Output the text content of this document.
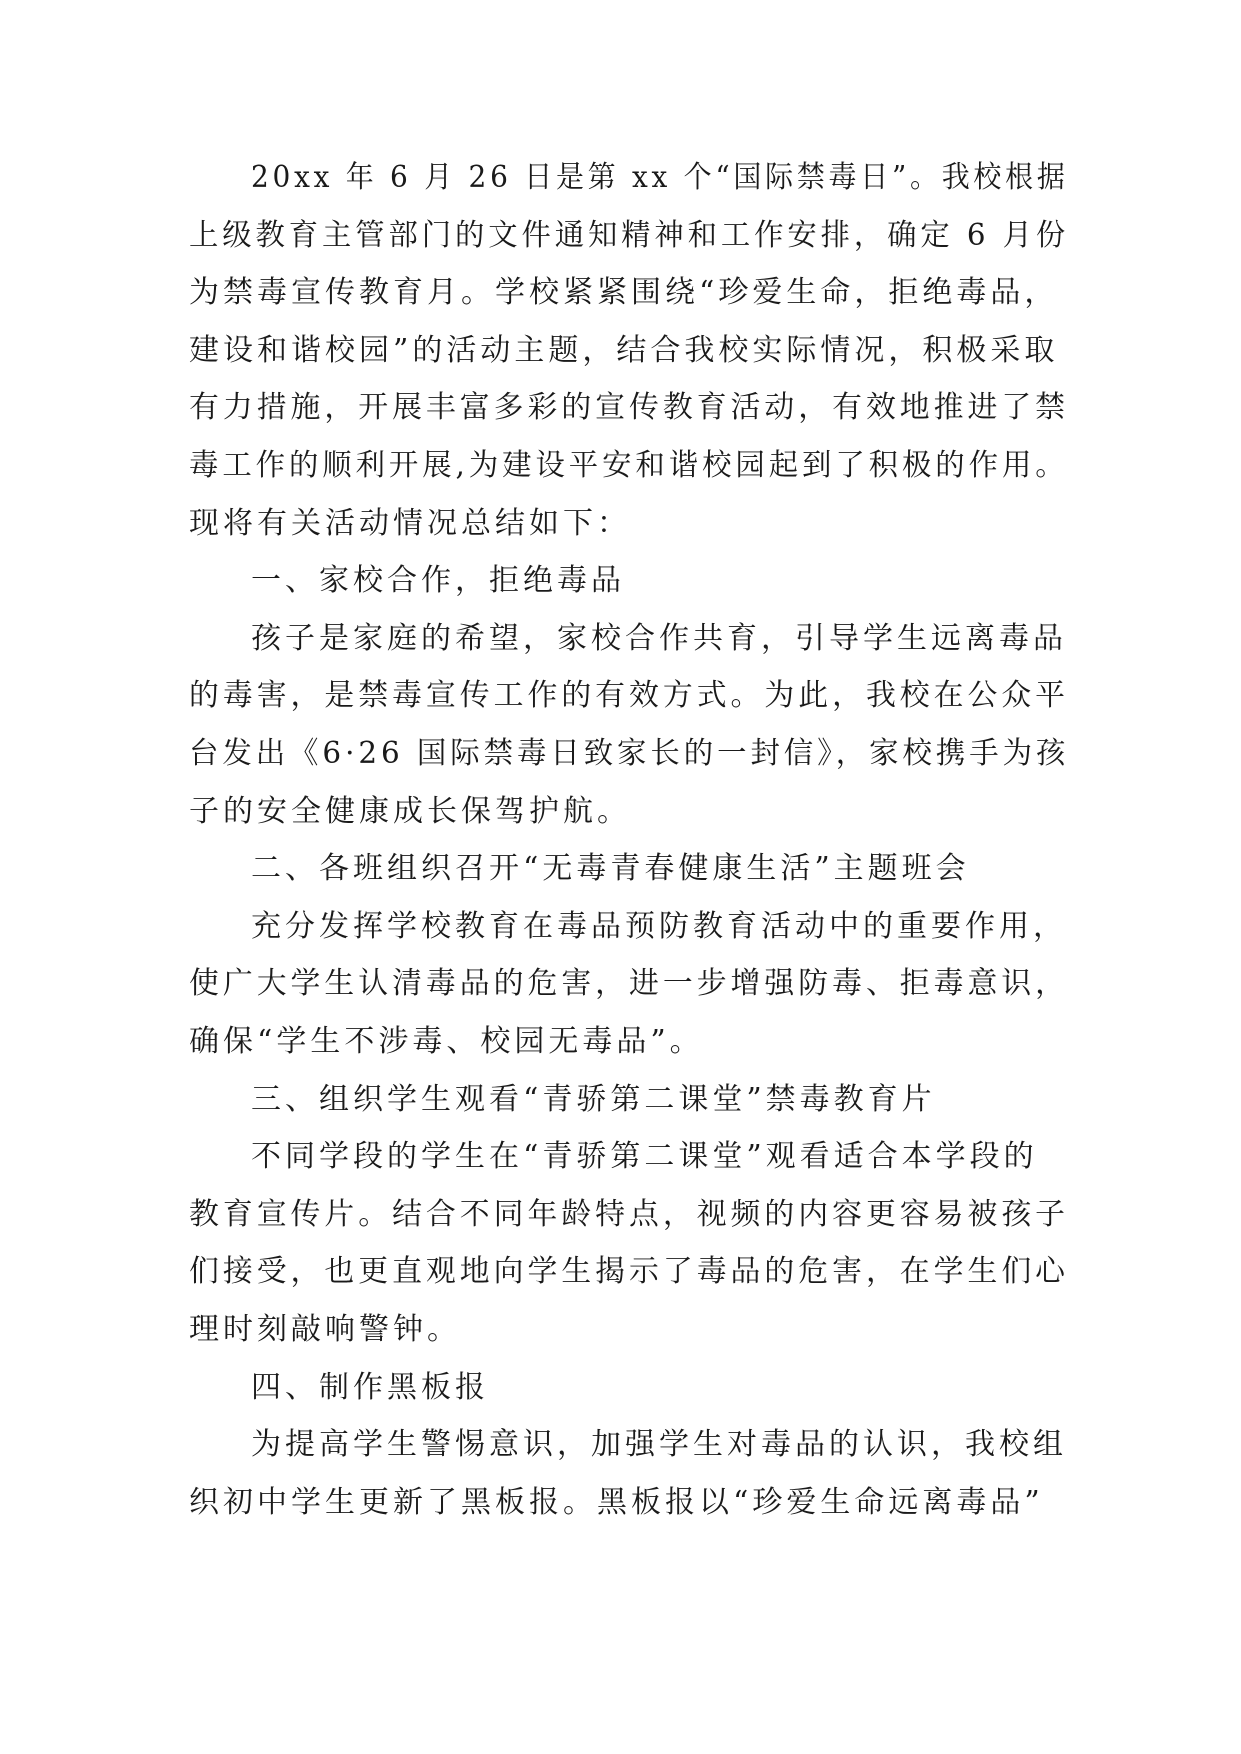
20xx 年 6 月 26 日是第 xx 个“国际禁毒日”。我校根据
上级教育主管部门的文件通知精神和工作安排，确定 6 月份
为禁毒宣传教育月。学校紧紧围绕“珍爱生命，拒绝毒品，
建设和谐校园”的活动主题，结合我校实际情况，积极采取
有力措施，开展丰富多彩的宣传教育活动，有效地推进了禁
毒工作的顺利开展,为建设平安和谐校园起到了积极的作用。
现将有关活动情况总结如下：
一、家校合作，拒绝毒品
孩子是家庭的希望，家校合作共育，引导学生远离毒品
的毒害，是禁毒宣传工作的有效方式。为此，我校在公众平
台发出《6·26 国际禁毒日致家长的一封信》，家校携手为孩
子的安全健康成长保驾护航。
二、各班组织召开“无毒青春健康生活”主题班会
充分发挥学校教育在毒品预防教育活动中的重要作用，
使广大学生认清毒品的危害，进一步增强防毒、拒毒意识，
确保“学生不涉毒、校园无毒品”。
三、组织学生观看“青骄第二课堂”禁毒教育片
不同学段的学生在“青骄第二课堂”观看适合本学段的
教育宣传片。结合不同年龄特点，视频的内容更容易被孩子
们接受，也更直观地向学生揭示了毒品的危害，在学生们心
理时刻敲响警钟。
四、制作黑板报
为提高学生警惕意识，加强学生对毒品的认识，我校组
织初中学生更新了黑板报。黑板报以“珍爱生命远离毒品”
